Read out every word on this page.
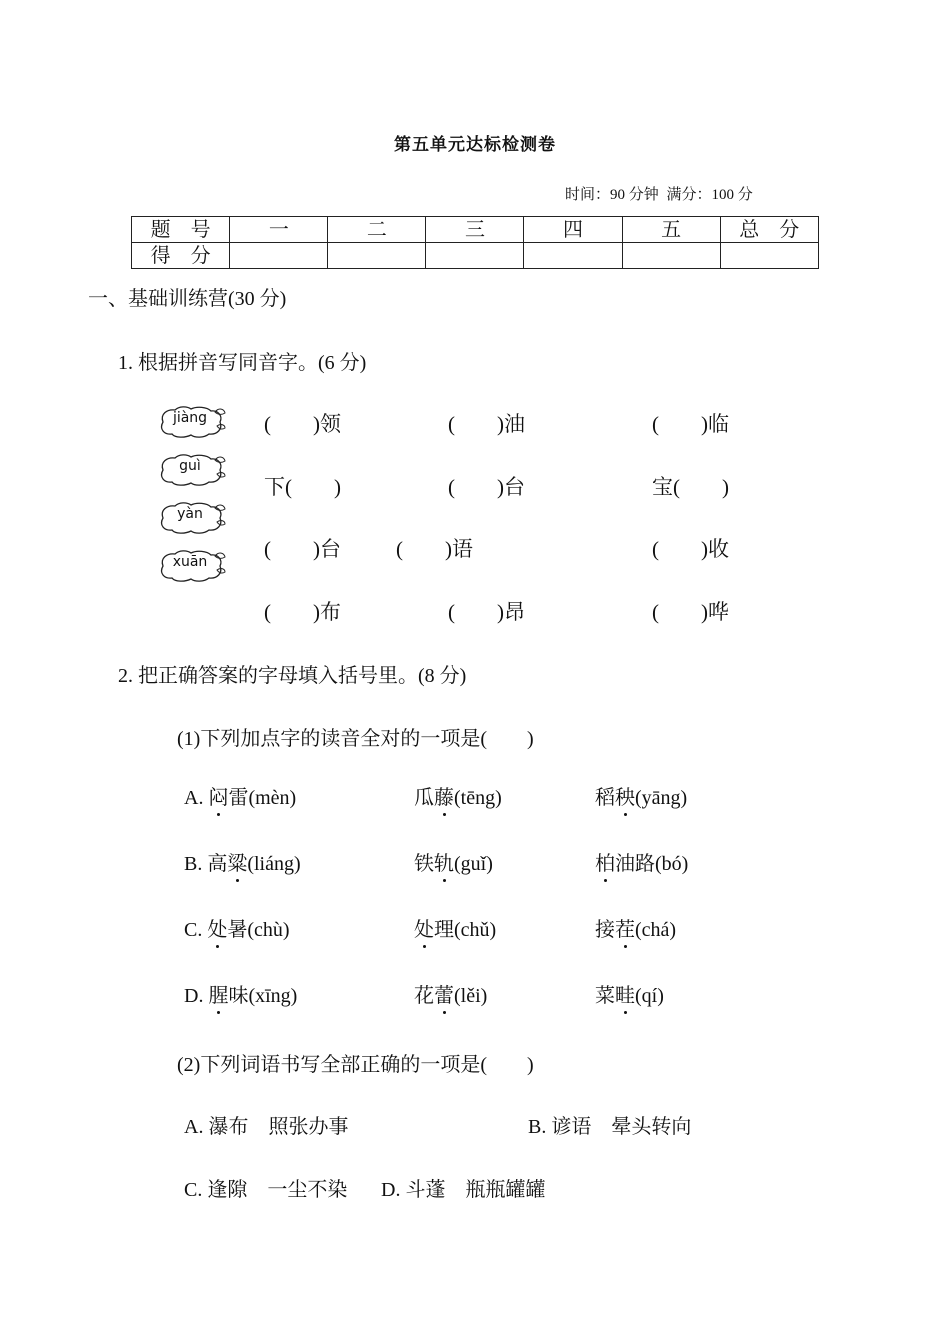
第五单元达标检测卷
时间：90 分钟 满分：100 分
题　号	一	二	三	四	五	总　分
得　分						
一、基础训练营(30 分)
1. 根据拼音写同音字。(6 分)
jiàng
guì
yàn
xuān
(　　)领	(　　)油	(　　)临
下(　　)	(　　)台	宝(　　)
(　　)台	(　　)语	(　　)收
(　　)布	(　　)昂	(　　)哗
2. 把正确答案的字母填入括号里。(8 分)
(1)下列加点字的读音全对的一项是(　　)
A. 闷雷(mèn)	瓜藤(tēng)	稻秧(yāng)
B. 高粱(liáng)	铁轨(guǐ)	柏油路(bó)
C. 处暑(chù)	处理(chǔ)	接茬(chá)
D. 腥味(xīng)	花蕾(lěi)	菜畦(qí)
(2)下列词语书写全部正确的一项是(　　)
A. 瀑布　照张办事	B. 谚语　晕头转向
C. 逢隙　一尘不染 D. 斗蓬　瓶瓶罐罐
